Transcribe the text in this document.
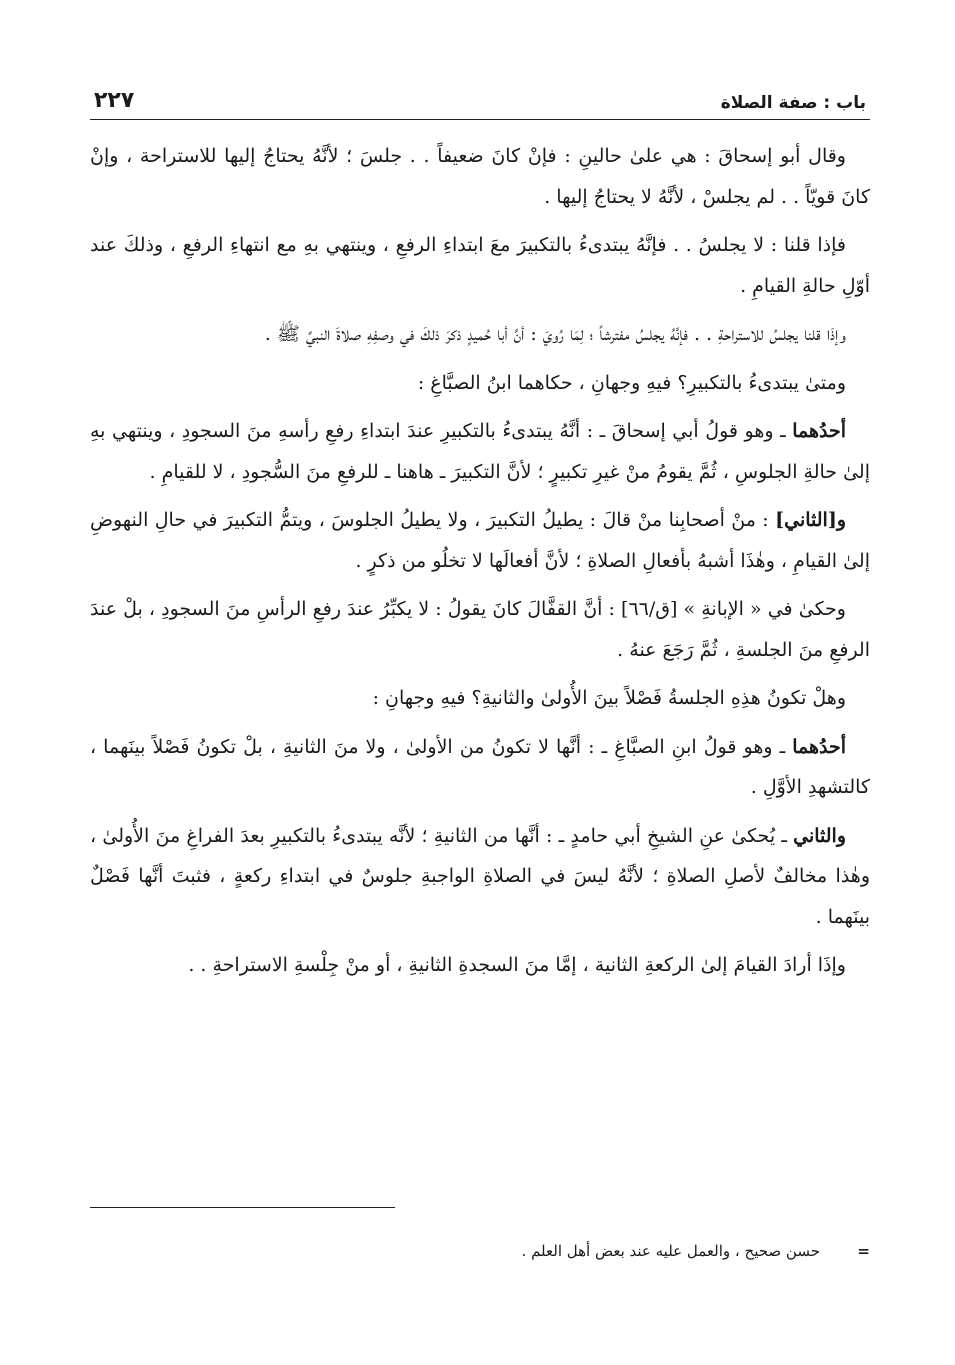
باب : صفة الصلاة
٢٢٧

وقال أبو إسحاقَ : هي علىٰ حالينِ : فإنْ كانَ ضعيفاً . . جلسَ ؛ لأنَّهُ يحتاجُ إليها للاستراحة ، وإنْ كانَ قويّاً . . لم يجلسْ ، لأنَّهُ لا يحتاجُ إليها .

فإذا قلنا : لا يجلسُ . . فإنَّهُ يبتدىءُ بالتكبيرَ معَ ابتداءِ الرفعِ ، وينتهي بهِ مع انتهاءِ الرفعِ ، وذلكَ عند أوّلِ حالةِ القيامِ .

وإذَا قلنا يجلسُ للاستراحةِ . . فإنَّهُ يجلسُ مفترشاً ؛ لِمَا رُويَ : أنَّ أبا حُميدٍ ذكرَ ذلكَ في وصفِهِ صلاةَ النبيِّ ﷺ .

ومتىٰ يبتدىءُ بالتكبيرِ؟ فيهِ وجهانِ ، حكاهما ابنُ الصبَّاغِ :

أحدُهما ـ وهو قولُ أبي إسحاقَ ـ : أنَّهُ يبتدىءُ بالتكبيرِ عندَ ابتداءِ رفعِ رأسهِ منَ السجودِ ، وينتهي بهِ إلىٰ حالةِ الجلوسِ ، ثُمَّ يقومُ منْ غيرِ تكبيرٍ ؛ لأنَّ التكبيرَ ـ هاهنا ـ للرفعِ منَ السُّجودِ ، لا للقيامِ .

و[الثاني] : منْ أصحابِنا منْ قالَ : يطيلُ التكبيرَ ، ولا يطيلُ الجلوسَ ، ويتمُّ التكبيرَ في حالِ النهوضِ إلىٰ القيامِ ، وهٰذَا أشبهُ بأفعالِ الصلاةِ ؛ لأنَّ أفعالَها لا تخلُو من ذكرٍ .

وحكىٰ في « الإبانةِ » [ق/٦٦] : أنَّ القفَّالَ كانَ يقولُ : لا يكبِّرُ عندَ رفعِ الرأسِ منَ السجودِ ، بلْ عندَ الرفعِ منَ الجلسةِ ، ثُمَّ رَجَعَ عنهُ .

وهلْ تكونُ هذِهِ الجلسةُ فَصْلاً بينَ الأُولىٰ والثانيةِ؟ فيهِ وجهانِ :

أحدُهما ـ وهو قولُ ابنِ الصبَّاغِ ـ : أنَّها لا تكونُ من الأولىٰ ، ولا منَ الثانيةِ ، بلْ تكونُ فَصْلاً بينَهما ، كالتشهدِ الأوَّلِ .

والثاني ـ يُحكىٰ عنِ الشيخِ أبي حامدٍ ـ : أنَّها من الثانيةِ ؛ لأنَّه يبتدىءُ بالتكبيرِ بعدَ الفراغِ منَ الأُولىٰ ، وهٰذا مخالفٌ لأصلِ الصلاةِ ؛ لأنَّهُ ليسَ في الصلاةِ الواجبةِ جلوسٌ في ابتداءِ ركعةٍ ، فثبتَ أنَّها فَصْلٌ بينَهما .

وإذَا أرادَ القيامَ إلىٰ الركعةِ الثانية ، إمَّا منَ السجدةِ الثانيةِ ، أو منْ جِلْسةِ الاستراحةِ . .

=حسن صحيح ، والعمل عليه عند بعض أهل العلم .
